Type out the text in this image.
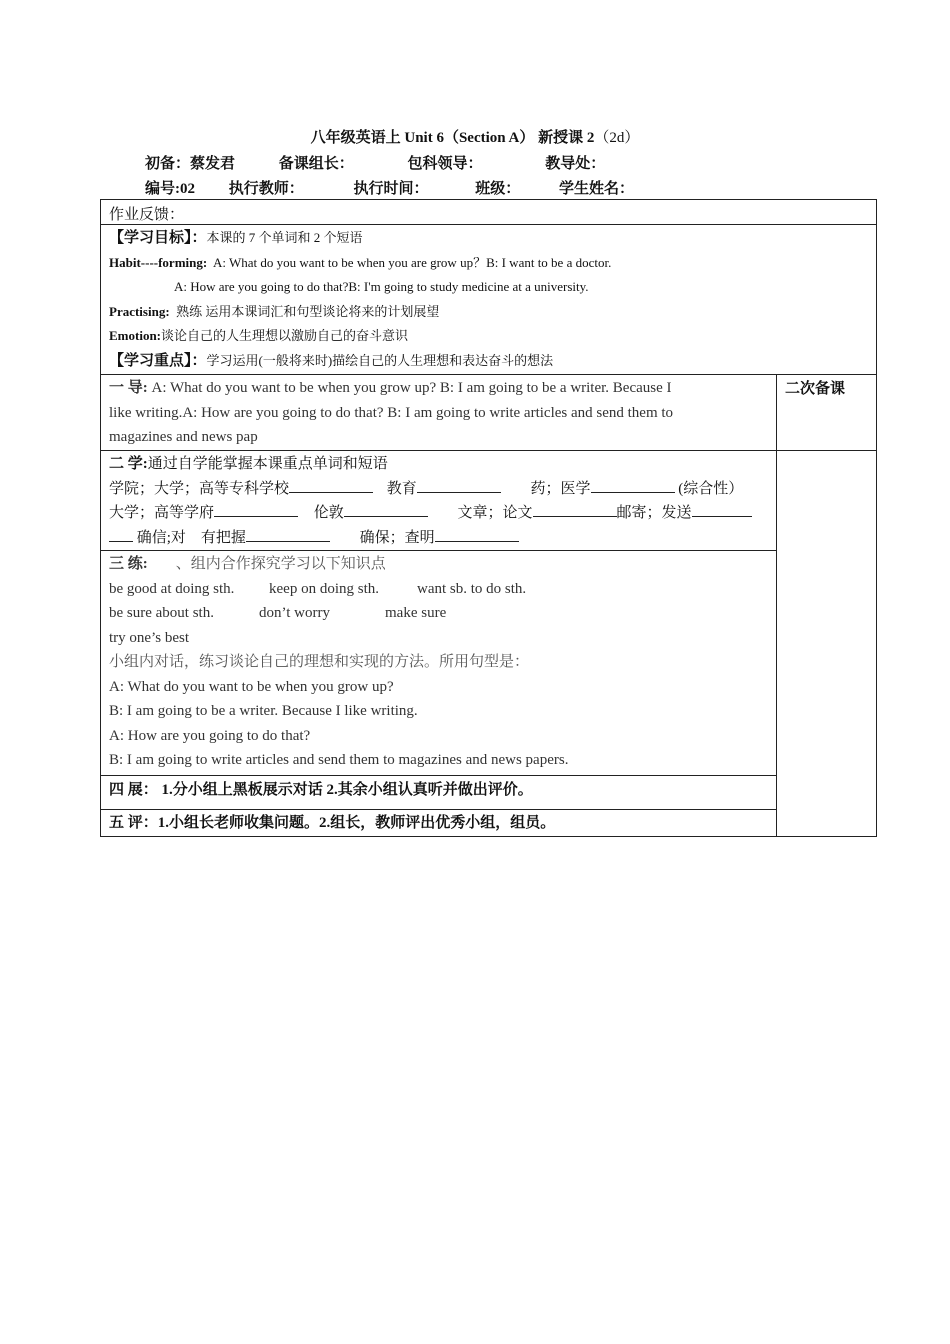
八年级英语上 Unit 6（Section A） 新授课 2（2d）
初备：蔡发君	备课组长：	包科领导：	教导处：
编号:02 执行教师：	执行时间：	班级：	学生姓名：
作业反馈：
【学习目标】：本课的 7 个单词和 2 个短语
Habit----forming: A: What do you want to be when you are grow up？B: I want to be a doctor.
A: How are you going to do that?B: I'm going to study medicine at a university.
Practising: 熟练 运用本课词汇和句型谈论将来的计划展望
Emotion:谈论自己的人生理想以激励自己的奋斗意识
【学习重点】：学习运用(一般将来时)描绘自己的人生理想和表达奋斗的想法
一 导: A: What do you want to be when you grow up? B: I am going to be a writer. Because I
like writing.A: How are you going to do that? B: I am going to write articles and send them to
magazines and news pap
二次备课
二 学:通过自学能掌握本课重点单词和短语
学院；大学；高等专科学校	教育	药；医学	(综合性）
大学；高等学府	伦敦	文章；论文	邮寄；发送
确信;对　有把握	确保；查明
三 练: 、组内合作探究学习以下知识点
be good at doing sth. keep on doing sth.	want sb. to do sth.
be sure about sth.	don’t worry	make sure
try one’s best
小组内对话，练习谈论自己的理想和实现的方法。所用句型是：
A: What do you want to be when you grow up?
B: I am going to be a writer. Because I like writing.
A: How are you going to do that?
B: I am going to write articles and send them to magazines and news papers.
四 展： 1.分小组上黑板展示对话 2.其余小组认真听并做出评价。
五 评：1.小组长老师收集问题。2.组长，教师评出优秀小组，组员。
